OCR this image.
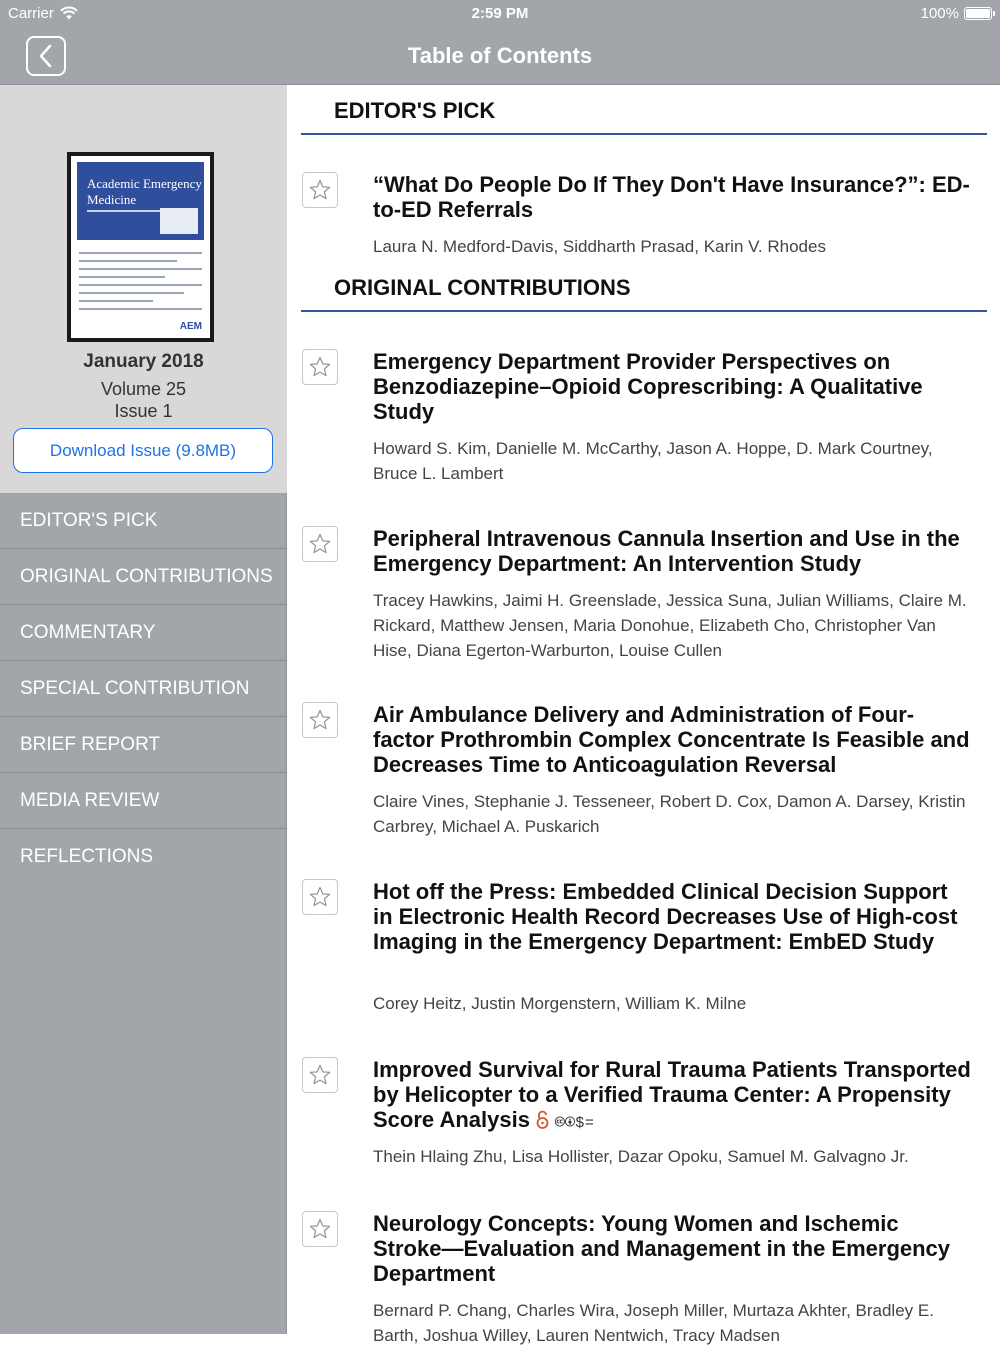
Carrier	2:59 PM	100%
Table of Contents
Academic Emergency Medicine
AEM
January 2018
Volume 25
Issue 1
Download Issue (9.8MB)
EDITOR'S PICK
ORIGINAL CONTRIBUTIONS
COMMENTARY
SPECIAL CONTRIBUTION
BRIEF REPORT
MEDIA REVIEW
REFLECTIONS
EDITOR'S PICK
“What Do People Do If They Don't Have Insurance?”: ED-to-ED Referrals
Laura N. Medford-Davis, Siddharth Prasad, Karin V. Rhodes
ORIGINAL CONTRIBUTIONS
Emergency Department Provider Perspectives on Benzodiazepine–Opioid Coprescribing: A Qualitative Study
Howard S. Kim, Danielle M. McCarthy, Jason A. Hoppe, D. Mark Courtney, Bruce L. Lambert
Peripheral Intravenous Cannula Insertion and Use in the Emergency Department: An Intervention Study
Tracey Hawkins, Jaimi H. Greenslade, Jessica Suna, Julian Williams, Claire M. Rickard, Matthew Jensen, Maria Donohue, Elizabeth Cho, Christopher Van Hise, Diana Egerton-Warburton, Louise Cullen
Air Ambulance Delivery and Administration of Four-factor Prothrombin Complex Concentrate Is Feasible and Decreases Time to Anticoagulation Reversal
Claire Vines, Stephanie J. Tesseneer, Robert D. Cox, Damon A. Darsey, Kristin Carbrey, Michael A. Puskarich
Hot off the Press: Embedded Clinical Decision Support in Electronic Health Record Decreases Use of High-cost Imaging in the Emergency Department: EmbED Study
Corey Heitz, Justin Morgenstern, William K. Milne
Improved Survival for Rural Trauma Patients Transported by Helicopter to a Verified Trauma Center: A Propensity Score Analysis 🅭🅯$=
Thein Hlaing Zhu, Lisa Hollister, Dazar Opoku, Samuel M. Galvagno Jr.
Neurology Concepts: Young Women and Ischemic Stroke—Evaluation and Management in the Emergency Department
Bernard P. Chang, Charles Wira, Joseph Miller, Murtaza Akhter, Bradley E. Barth, Joshua Willey, Lauren Nentwich, Tracy Madsen
